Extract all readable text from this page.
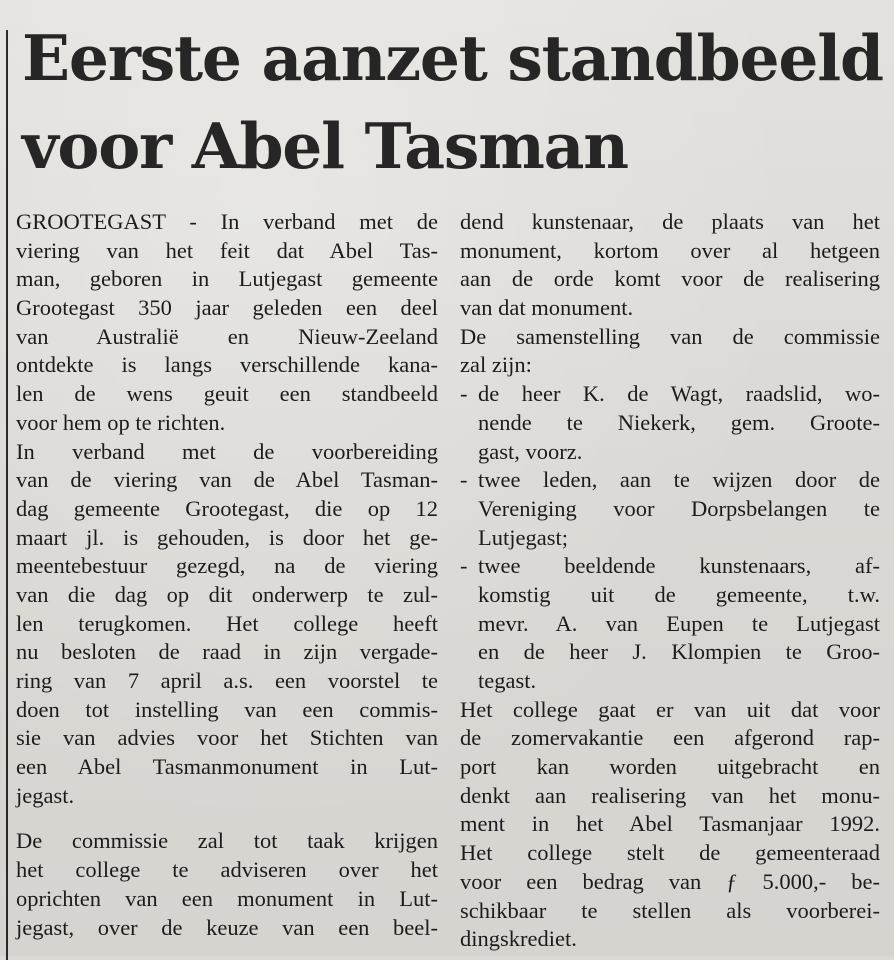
Eerste aanzet standbeeld
voor Abel Tasman
GROOTEGAST - In verband met de
viering van het feit dat Abel Tas-
man, geboren in Lutjegast gemeente
Grootegast 350 jaar geleden een deel
van Australië en Nieuw-Zeeland
ontdekte is langs verschillende kana-
len de wens geuit een standbeeld
voor hem op te richten.
In verband met de voorbereiding
van de viering van de Abel Tasman-
dag gemeente Grootegast, die op 12
maart jl. is gehouden, is door het ge-
meentebestuur gezegd, na de viering
van die dag op dit onderwerp te zul-
len terugkomen. Het college heeft
nu besloten de raad in zijn vergade-
ring van 7 april a.s. een voorstel te
doen tot instelling van een commis-
sie van advies voor het Stichten van
een Abel Tasmanmonument in Lut-
jegast.
De commissie zal tot taak krijgen
het college te adviseren over het
oprichten van een monument in Lut-
jegast, over de keuze van een beel-
dend kunstenaar, de plaats van het
monument, kortom over al hetgeen
aan de orde komt voor de realisering
van dat monument.
De samenstelling van de commissie
zal zijn:
- de heer K. de Wagt, raadslid, wo-
nende te Niekerk, gem. Groote-
gast, voorz.
- twee leden, aan te wijzen door de
Vereniging voor Dorpsbelangen te
Lutjegast;
- twee beeldende kunstenaars, af-
komstig uit de gemeente, t.w.
mevr. A. van Eupen te Lutjegast
en de heer J. Klompien te Groo-
tegast.
Het college gaat er van uit dat voor
de zomervakantie een afgerond rap-
port kan worden uitgebracht en
denkt aan realisering van het monu-
ment in het Abel Tasmanjaar 1992.
Het college stelt de gemeenteraad
voor een bedrag van ƒ 5.000,- be-
schikbaar te stellen als voorberei-
dingskrediet.
